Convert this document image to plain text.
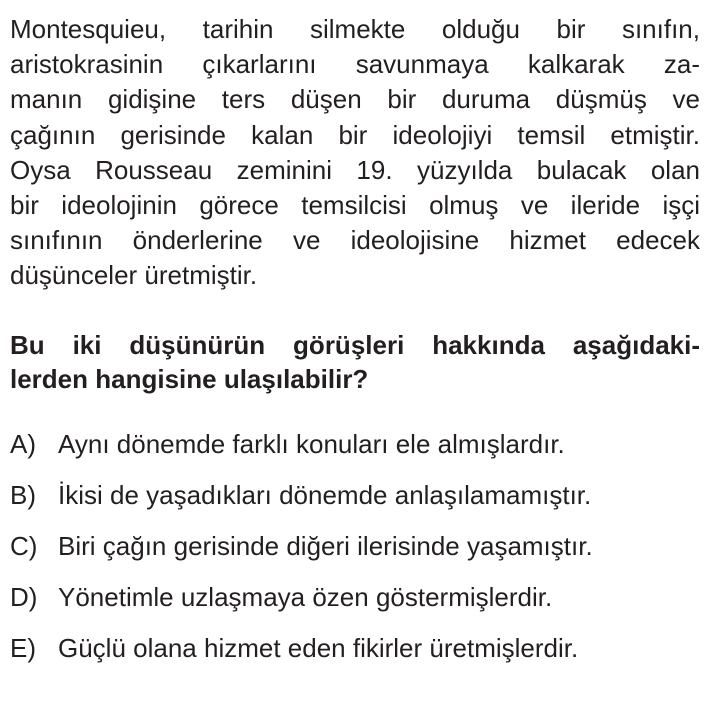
Montesquieu, tarihin silmekte olduğu bir sınıfın,
aristokrasinin çıkarlarını savunmaya kalkarak za-
manın gidişine ters düşen bir duruma düşmüş ve
çağının gerisinde kalan bir ideolojiyi temsil etmiştir.
Oysa Rousseau zeminini 19. yüzyılda bulacak olan
bir ideolojinin görece temsilcisi olmuş ve ileride işçi
sınıfının önderlerine ve ideolojisine hizmet edecek
düşünceler üretmiştir.
Bu iki düşünürün görüşleri hakkında aşağıdaki-
lerden hangisine ulaşılabilir?
A) Aynı dönemde farklı konuları ele almışlardır.
B) İkisi de yaşadıkları dönemde anlaşılamamıştır.
C) Biri çağın gerisinde diğeri ilerisinde yaşamıştır.
D) Yönetimle uzlaşmaya özen göstermişlerdir.
E) Güçlü olana hizmet eden fikirler üretmişlerdir.
